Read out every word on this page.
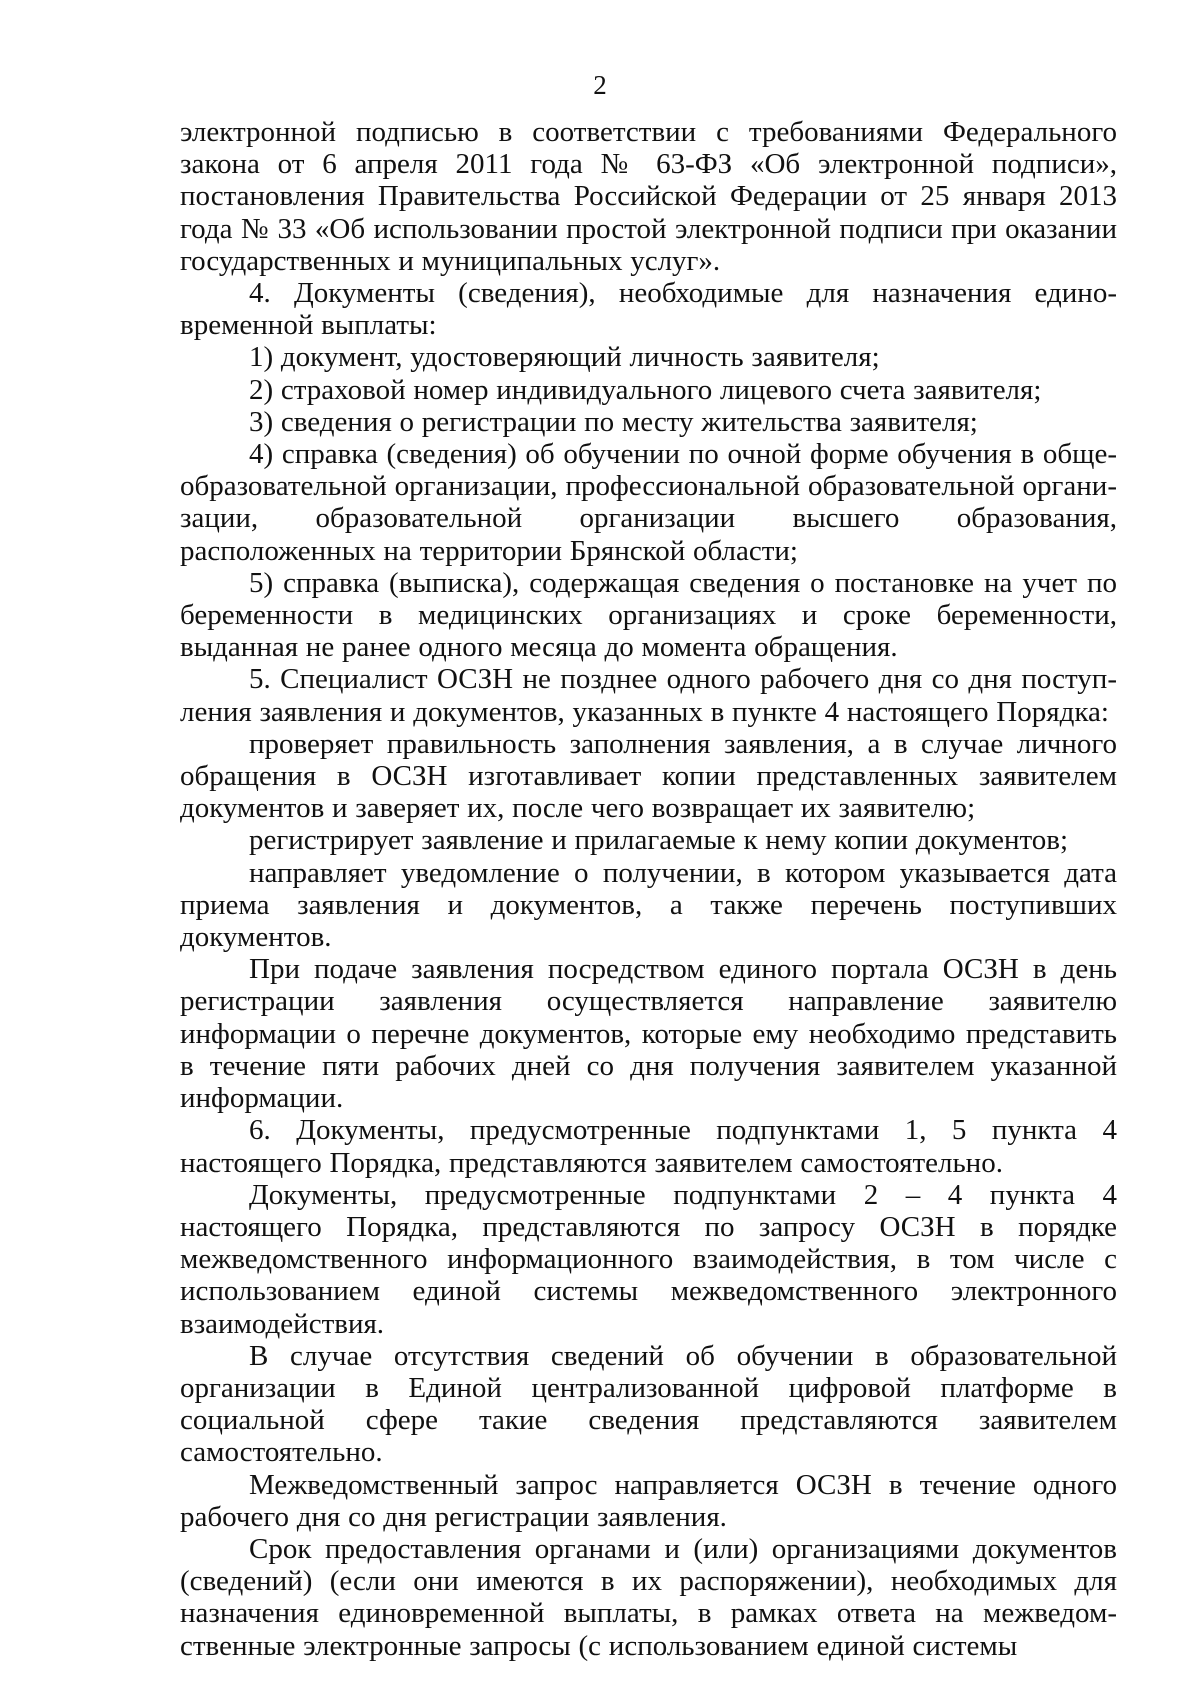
2

электронной подписью в соответствии с требованиями Федерального закона от 6 апреля 2011 года № 63-ФЗ «Об электронной подписи», постановления Правительства Российской Федерации от 25 января 2013 года № 33 «Об использовании простой электронной подписи при оказании государственных и муниципальных услуг».

4. Документы (сведения), необходимые для назначения единовременной выплаты:

1) документ, удостоверяющий личность заявителя;

2) страховой номер индивидуального лицевого счета заявителя;

3) сведения о регистрации по месту жительства заявителя;

4) справка (сведения) об обучении по очной форме обучения в общеобразовательной организации, профессиональной образовательной организации, образовательной организации высшего образования, расположенных на территории Брянской области;

5) справка (выписка), содержащая сведения о постановке на учет по беременности в медицинских организациях и сроке беременности, выданная не ранее одного месяца до момента обращения.

5. Специалист ОСЗН не позднее одного рабочего дня со дня поступления заявления и документов, указанных в пункте 4 настоящего Порядка:

проверяет правильность заполнения заявления, а в случае личного обращения в ОСЗН изготавливает копии представленных заявителем документов и заверяет их, после чего возвращает их заявителю;

регистрирует заявление и прилагаемые к нему копии документов;

направляет уведомление о получении, в котором указывается дата приема заявления и документов, а также перечень поступивших документов.

При подаче заявления посредством единого портала ОСЗН в день регистрации заявления осуществляется направление заявителю информации о перечне документов, которые ему необходимо представить в течение пяти рабочих дней со дня получения заявителем указанной информации.

6. Документы, предусмотренные подпунктами 1, 5 пункта 4 настоящего Порядка, представляются заявителем самостоятельно.

Документы, предусмотренные подпунктами 2 – 4 пункта 4 настоящего Порядка, представляются по запросу ОСЗН в порядке межведомственного информационного взаимодействия, в том числе с использованием единой системы межведомственного электронного взаимодействия.

В случае отсутствия сведений об обучении в образовательной организации в Единой централизованной цифровой платформе в социальной сфере такие сведения представляются заявителем самостоятельно.

Межведомственный запрос направляется ОСЗН в течение одного рабочего дня со дня регистрации заявления.

Срок предоставления органами и (или) организациями документов (сведений) (если они имеются в их распоряжении), необходимых для назначения единовременной выплаты, в рамках ответа на межведомственные электронные запросы (с использованием единой системы
